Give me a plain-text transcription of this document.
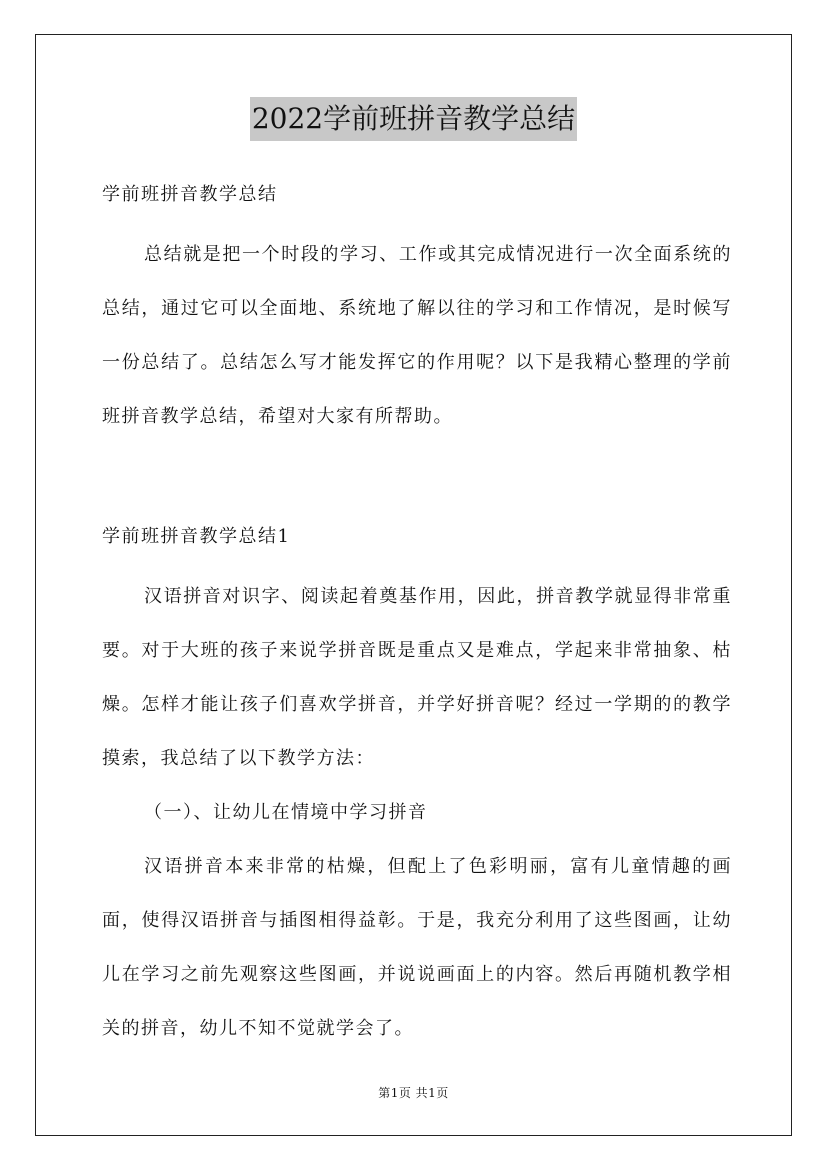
2022学前班拼音教学总结

学前班拼音教学总结

总结就是把一个时段的学习、工作或其完成情况进行一次全面系统的总结，通过它可以全面地、系统地了解以往的学习和工作情况，是时候写一份总结了。总结怎么写才能发挥它的作用呢？以下是我精心整理的学前班拼音教学总结，希望对大家有所帮助。

学前班拼音教学总结1

汉语拼音对识字、阅读起着奠基作用，因此，拼音教学就显得非常重要。对于大班的孩子来说学拼音既是重点又是难点，学起来非常抽象、枯燥。怎样才能让孩子们喜欢学拼音，并学好拼音呢？经过一学期的的教学摸索，我总结了以下教学方法：

（一）、让幼儿在情境中学习拼音

汉语拼音本来非常的枯燥，但配上了色彩明丽，富有儿童情趣的画面，使得汉语拼音与插图相得益彰。于是，我充分利用了这些图画，让幼儿在学习之前先观察这些图画，并说说画面上的内容。然后再随机教学相关的拼音，幼儿不知不觉就学会了。

第1页 共1页
